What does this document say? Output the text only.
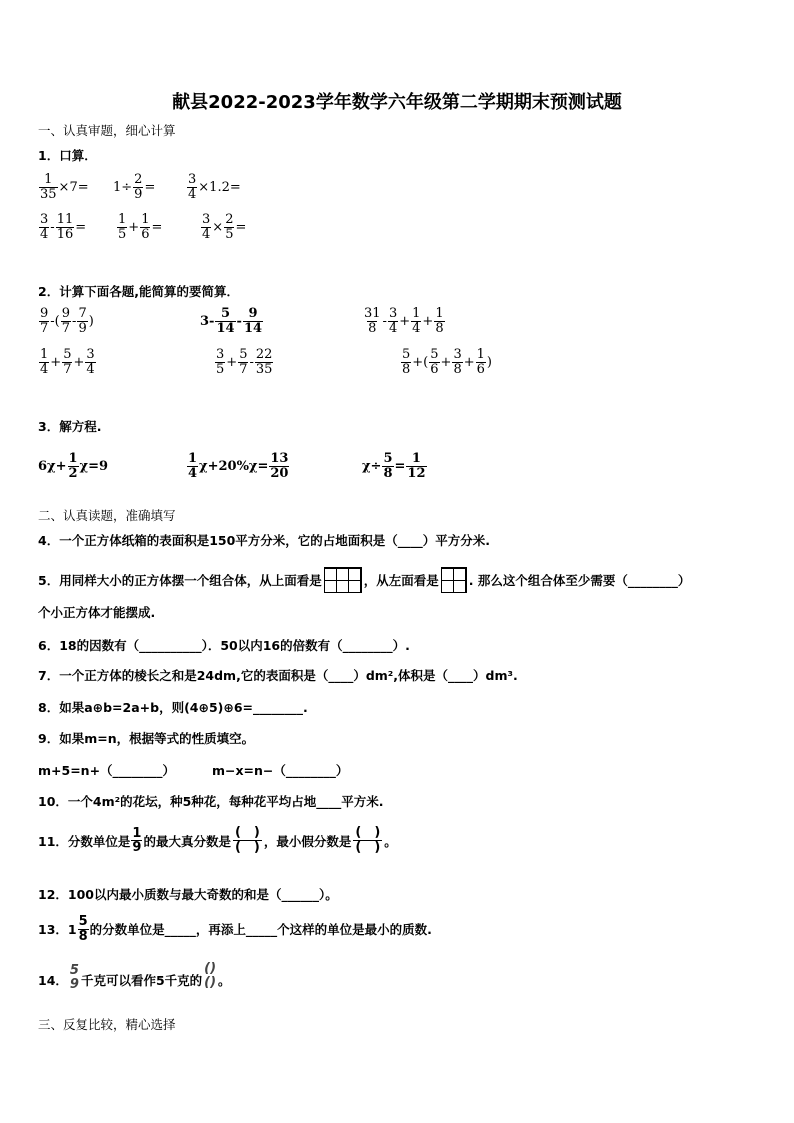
献县2022-2023学年数学六年级第二学期期末预测试题
一、认真审题，细心计算
1．口算．
$\frac{1}{35} \times 7= 1\div \frac{2}{9} = \frac{3}{4} \times 1.2=$
$\frac{3}{4} - \frac{11}{16} = \frac{1}{5} + \frac{1}{6}$ =	$\frac{3}{4} \times \frac{2}{5}$ =
2．计算下面各题,能简算的要简算．
$\frac{9}{7}$ -( $\frac{9}{7} - \frac{7}{9}$ )	$3- \frac{5}{14} - \frac{9}{14}$	$\frac{31}{8} - \frac{3}{4} + \frac{1}{4} + \frac{1}{8}$
$\frac{1}{4} + \frac{5}{7} + \frac{3}{4}$	$\frac{3}{5} + \frac{5}{7} - \frac{22}{35}$	$\frac{5}{8}$ +( $\frac{5}{6} + \frac{3}{8} + \frac{1}{6}$ )
3．解方程.
$6\chi+ \frac{1}{2} \chi=9$	$\frac{1}{4} \chi+20\%\chi= \frac{13}{20}$	$\chi\div \frac{5}{8} = \frac{1}{12}$
二、认真读题，准确填写
4．一个正方体纸箱的表面积是150平方分米，它的占地面积是（____）平方分米.
5．用同样大小的正方体摆一个组合体，从上面看是	，从左面看是 . 那么这个组合体至少需要（________）
个小正方体才能摆成.
6．18的因数有（__________）．50以内16的倍数有（________）.
7．一个正方体的棱长之和是24dm,它的表面积是（____）dm²,体积是（____）dm³.
8．如果a⊕b=2a+b，则(4⊕5)⊕6=________.
9．如果m=n，根据等式的性质填空。
m+5=n+（________）	m−x=n−（________）
10．一个4m²的花坛，种5种花，每种花平均占地____平方米.
11．分数单位是 $\frac{1}{9}$ 的最大真分数是
( )
( ) ，最小假分数是
( )
( ) 。
12．100以内最小质数与最大奇数的和是（______）。
13．$1 \frac{5}{8}$ 的分数单位是_____，再添上_____个这样的单位是最小的质数.
14．
5
9 千克可以看作5千克的
()
() 。
三、反复比较，精心选择
